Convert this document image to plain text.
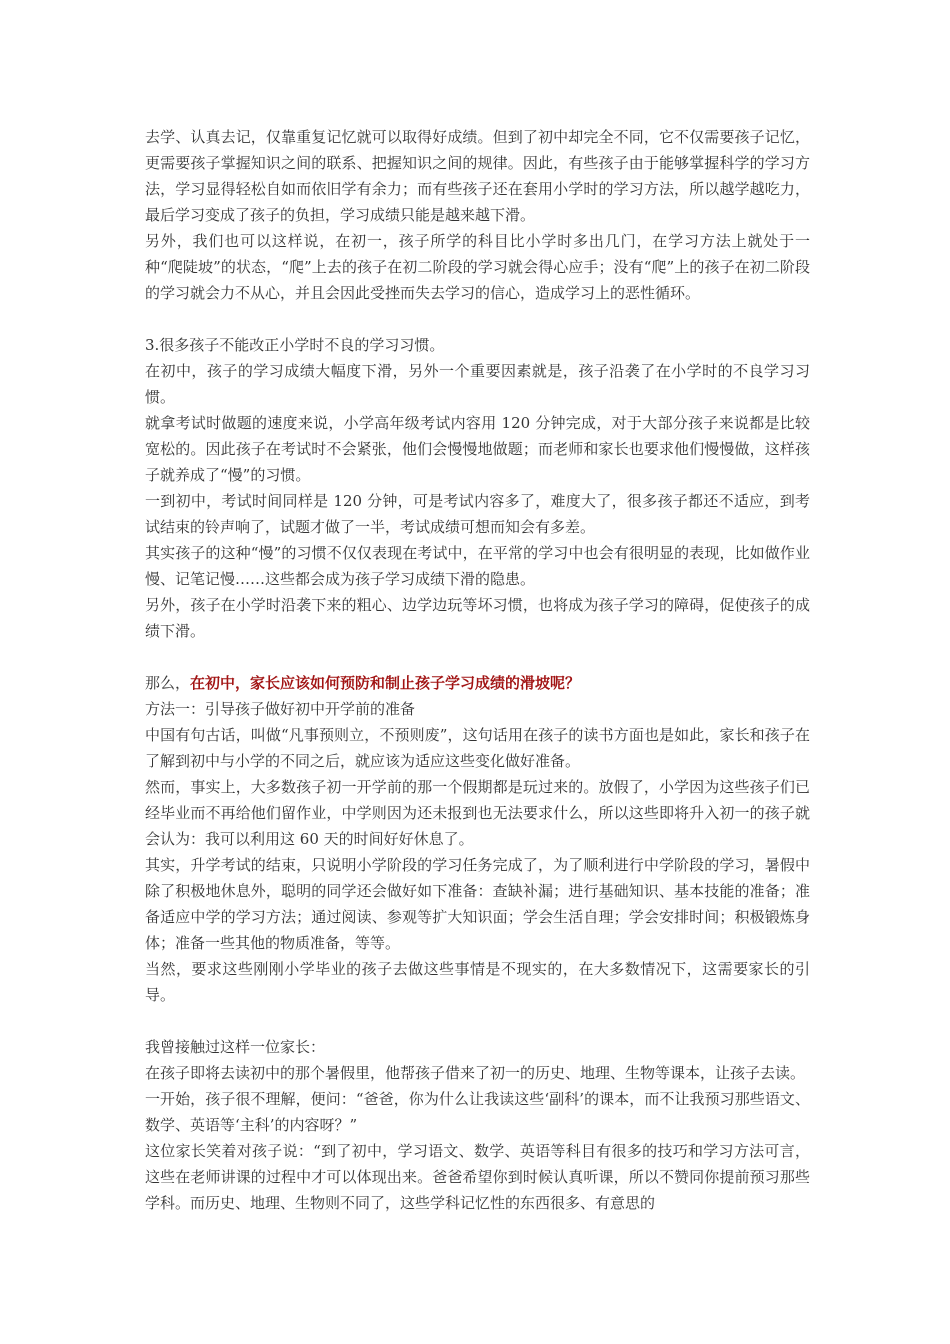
去学、认真去记，仅靠重复记忆就可以取得好成绩。但到了初中却完全不同，它不仅需要孩子记忆，更需要孩子掌握知识之间的联系、把握知识之间的规律。因此，有些孩子由于能够掌握科学的学习方法，学习显得轻松自如而依旧学有余力；而有些孩子还在套用小学时的学习方法，所以越学越吃力，最后学习变成了孩子的负担，学习成绩只能是越来越下滑。

另外，我们也可以这样说，在初一，孩子所学的科目比小学时多出几门，在学习方法上就处于一种“爬陡坡”的状态，“爬”上去的孩子在初二阶段的学习就会得心应手；没有“爬”上的孩子在初二阶段的学习就会力不从心，并且会因此受挫而失去学习的信心，造成学习上的恶性循环。

3.很多孩子不能改正小学时不良的学习习惯。

在初中，孩子的学习成绩大幅度下滑，另外一个重要因素就是，孩子沿袭了在小学时的不良学习习惯。

就拿考试时做题的速度来说，小学高年级考试内容用 120 分钟完成，对于大部分孩子来说都是比较宽松的。因此孩子在考试时不会紧张，他们会慢慢地做题；而老师和家长也要求他们慢慢做，这样孩子就养成了“慢”的习惯。

一到初中，考试时间同样是 120 分钟，可是考试内容多了，难度大了，很多孩子都还不适应，到考试结束的铃声响了，试题才做了一半，考试成绩可想而知会有多差。

其实孩子的这种“慢”的习惯不仅仅表现在考试中，在平常的学习中也会有很明显的表现，比如做作业慢、记笔记慢……这些都会成为孩子学习成绩下滑的隐患。

另外，孩子在小学时沿袭下来的粗心、边学边玩等坏习惯，也将成为孩子学习的障碍，促使孩子的成绩下滑。

那么，在初中，家长应该如何预防和制止孩子学习成绩的滑坡呢？

方法一：引导孩子做好初中开学前的准备

中国有句古话，叫做“凡事预则立，不预则废”，这句话用在孩子的读书方面也是如此，家长和孩子在了解到初中与小学的不同之后，就应该为适应这些变化做好准备。

然而，事实上，大多数孩子初一开学前的那一个假期都是玩过来的。放假了，小学因为这些孩子们已经毕业而不再给他们留作业，中学则因为还未报到也无法要求什么，所以这些即将升入初一的孩子就会认为：我可以利用这 60 天的时间好好休息了。

其实，升学考试的结束，只说明小学阶段的学习任务完成了，为了顺利进行中学阶段的学习，暑假中除了积极地休息外，聪明的同学还会做好如下准备：查缺补漏；进行基础知识、基本技能的准备；准备适应中学的学习方法；通过阅读、参观等扩大知识面；学会生活自理；学会安排时间；积极锻炼身体；准备一些其他的物质准备，等等。

当然，要求这些刚刚小学毕业的孩子去做这些事情是不现实的，在大多数情况下，这需要家长的引导。

我曾接触过这样一位家长：

在孩子即将去读初中的那个暑假里，他帮孩子借来了初一的历史、地理、生物等课本，让孩子去读。

一开始，孩子很不理解，便问：“爸爸，你为什么让我读这些‘副科’的课本，而不让我预习那些语文、数学、英语等‘主科’的内容呀？”

这位家长笑着对孩子说：“到了初中，学习语文、数学、英语等科目有很多的技巧和学习方法可言，这些在老师讲课的过程中才可以体现出来。爸爸希望你到时候认真听课，所以不赞同你提前预习那些学科。而历史、地理、生物则不同了，这些学科记忆性的东西很多、有意思的
